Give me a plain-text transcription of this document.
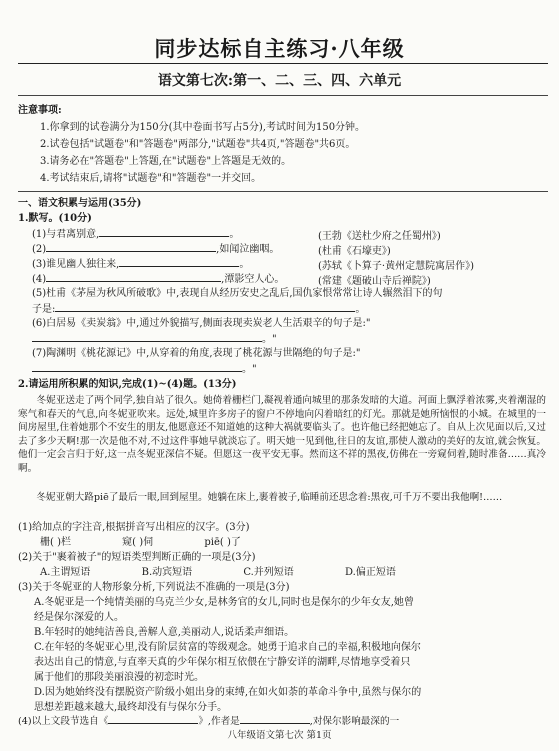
同步达标自主练习·八年级
语文第七次:第一、二、三、四、六单元
注意事项:
1.你拿到的试卷满分为150分(其中卷面书写占5分),考试时间为150分钟。
2.试卷包括"试题卷"和"答题卷"两部分,"试题卷"共4页,"答题卷"共6页。
3.请务必在"答题卷"上答题,在"试题卷"上答题是无效的。
4.考试结束后,请将"试题卷"和"答题卷"一并交回。
一、语文积累与运用(35分)
1.默写。(10分)
(1)与君离别意,	。	(王勃《送杜少府之任蜀州》)
(2)	,如闻泣幽咽。	(杜甫《石壕吏》)
(3)谁见幽人独往来,	。	(苏轼《卜算子·黄州定慧院寓居作》)
(4)	,潭影空人心。	(常建《题破山寺后禅院》)
(5)杜甫《茅屋为秋风所破歌》中,表现自从经历安史之乱后,国仇家恨常常让诗人辗然泪下的句
子是:	。
(6)白居易《卖炭翁》中,通过外貌描写,侧面表现卖炭老人生活艰辛的句子是:"
。"
(7)陶渊明《桃花源记》中,从穿着的角度,表现了桃花源与世隔绝的句子是:"
。"
2.请运用所积累的知识,完成(1)~(4)题。(13分)
冬妮亚送走了两个同学,独自站了很久。她倚着栅栏门,凝视着通向城里的那条发暗的大道。河面上飘浮着浓雾,夹着潮湿的寒气和春天的气息,向冬妮亚吹来。远处,城里许多房子的窗户不停地向闪着暗红的灯光。那就是她所恼恨的小城。在城里的一间房屋里,住着她那个不安生的朋友,他愿意还不知道她的这种大祸就要临头了。也许他已经把她忘了。自从上次见面以后,又过去了多少天啊!那一次是他不对,不过这件事她早就淡忘了。明天她一见到他,往日的友谊,那使人激动的美好的友谊,就会恢复。他们一定会言归于好,这一点冬妮亚深信不疑。但愿这一夜平安无事。然而这不祥的黑夜,仿佛在一旁窥伺着,随时准备……真冷啊。
冬妮亚朝大路piē了最后一眼,回到屋里。她躺在床上,裹着被子,临睡前还思念着:黑夜,可千万不要出我他啊!……
(1)给加点的字注音,根据拼音写出相应的汉字。(3分)
栅( )栏	窥( )伺	piē( )了
(2)关于"裹着被子"的短语类型判断正确的一项是(3分)
A.主谓短语	B.动宾短语	C.并列短语	D.偏正短语
(3)关于冬妮亚的人物形象分析,下列说法不准确的一项是(3分)
A.冬妮亚是一个纯情美丽的乌克兰少女,是林务官的女儿,同时也是保尔的少年女友,她曾
经是保尔深爱的人。
B.年轻时的她纯洁善良,善解人意,美丽动人,说话柔声细语。
C.在年轻的冬妮亚心里,没有阶层贫富的等级观念。她勇于追求自己的幸福,积极地向保尔
表达出自己的情意,与直率天真的少年保尔相互依偎在宁静安详的湖畔,尽情地享受着只
属于他们的那段美丽浪漫的初恋时光。
D.因为她始终没有摆脱资产阶级小姐出身的束缚,在如火如荼的革命斗争中,虽然与保尔的
思想差距越来越大,最终却没有与保尔分手。
(4)以上文段节选自《	》,作者是	,对保尔影响最深的一
八年级语文第七次 第1页
